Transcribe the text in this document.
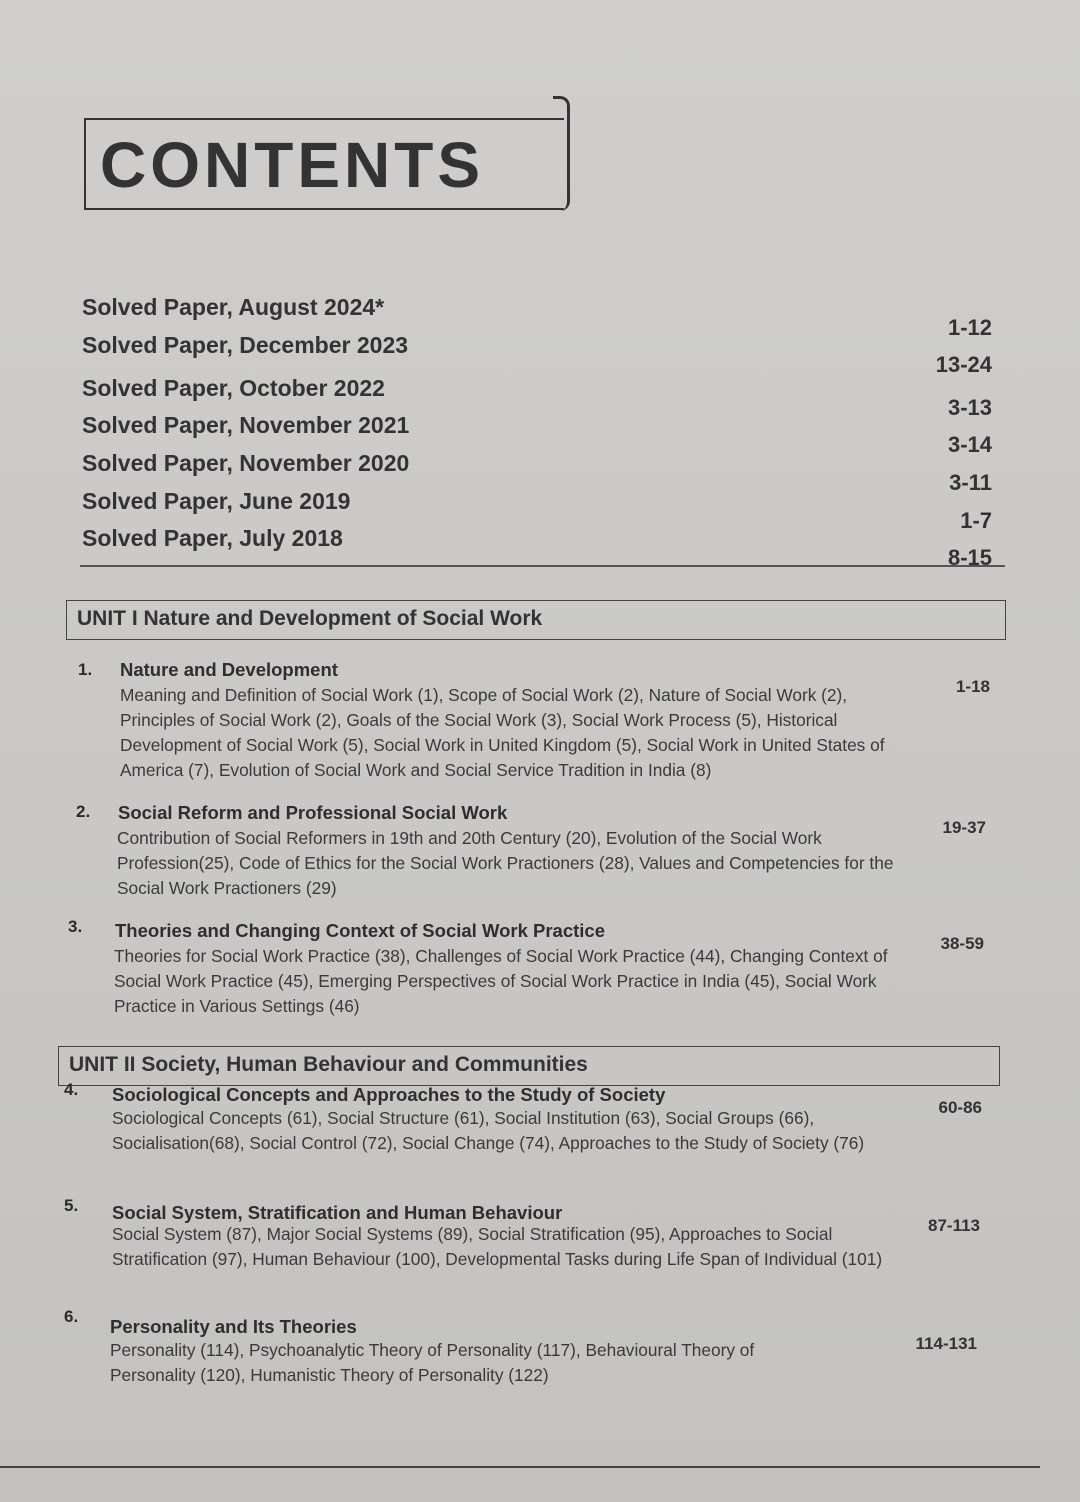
CONTENTS
Solved Paper, August 2024*
1-12
Solved Paper, December 2023
13-24
Solved Paper, October 2022
3-13
Solved Paper, November 2021
3-14
Solved Paper, November 2020
3-11
Solved Paper, June 2019
1-7
Solved Paper, July 2018
8-15
UNIT I Nature and Development of Social Work
1. Nature and Development
1-18
Meaning and Definition of Social Work (1), Scope of Social Work (2), Nature of Social Work (2), Principles of Social Work (2), Goals of the Social Work (3), Social Work Process (5), Historical Development of Social Work (5), Social Work in United Kingdom (5), Social Work in United States of America (7), Evolution of Social Work and Social Service Tradition in India (8)
2. Social Reform and Professional Social Work
19-37
Contribution of Social Reformers in 19th and 20th Century (20), Evolution of the Social Work Profession(25), Code of Ethics for the Social Work Practioners (28), Values and Competencies for the Social Work Practioners (29)
3. Theories and Changing Context of Social Work Practice
38-59
Theories for Social Work Practice (38), Challenges of Social Work Practice (44), Changing Context of Social Work Practice (45), Emerging Perspectives of Social Work Practice in India (45), Social Work Practice in Various Settings (46)
UNIT II Society, Human Behaviour and Communities
4. Sociological Concepts and Approaches to the Study of Society
60-86
Sociological Concepts (61), Social Structure (61), Social Institution (63), Social Groups (66), Socialisation(68), Social Control (72), Social Change (74), Approaches to the Study of Society (76)
5. Social System, Stratification and Human Behaviour
87-113
Social System (87), Major Social Systems (89), Social Stratification (95), Approaches to Social Stratification (97), Human Behaviour (100), Developmental Tasks during Life Span of Individual (101)
6. Personality and Its Theories
114-131
Personality (114), Psychoanalytic Theory of Personality (117), Behavioural Theory of Personality (120), Humanistic Theory of Personality (122)
